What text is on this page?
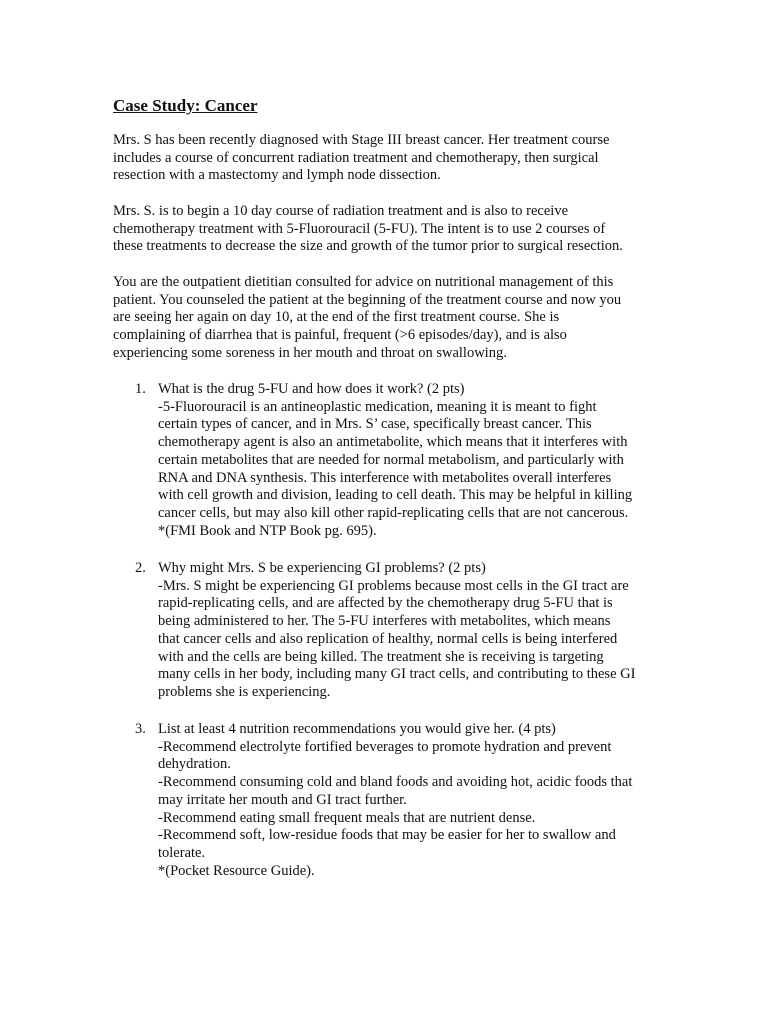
Case Study: Cancer

Mrs. S has been recently diagnosed with Stage III breast cancer. Her treatment course
includes a course of concurrent radiation treatment and chemotherapy, then surgical
resection with a mastectomy and lymph node dissection.

Mrs. S. is to begin a 10 day course of radiation treatment and is also to receive
chemotherapy treatment with 5-Fluorouracil (5-FU). The intent is to use 2 courses of
these treatments to decrease the size and growth of the tumor prior to surgical resection.

You are the outpatient dietitian consulted for advice on nutritional management of this
patient. You counseled the patient at the beginning of the treatment course and now you
are seeing her again on day 10, at the end of the first treatment course. She is
complaining of diarrhea that is painful, frequent (>6 episodes/day), and is also
experiencing some soreness in her mouth and throat on swallowing.

1. What is the drug 5-FU and how does it work? (2 pts)
-5-Fluorouracil is an antineoplastic medication, meaning it is meant to fight
certain types of cancer, and in Mrs. S’ case, specifically breast cancer. This
chemotherapy agent is also an antimetabolite, which means that it interferes with
certain metabolites that are needed for normal metabolism, and particularly with
RNA and DNA synthesis. This interference with metabolites overall interferes
with cell growth and division, leading to cell death. This may be helpful in killing
cancer cells, but may also kill other rapid-replicating cells that are not cancerous.
*(FMI Book and NTP Book pg. 695).
2. Why might Mrs. S be experiencing GI problems? (2 pts)
-Mrs. S might be experiencing GI problems because most cells in the GI tract are
rapid-replicating cells, and are affected by the chemotherapy drug 5-FU that is
being administered to her. The 5-FU interferes with metabolites, which means
that cancer cells and also replication of healthy, normal cells is being interfered
with and the cells are being killed. The treatment she is receiving is targeting
many cells in her body, including many GI tract cells, and contributing to these GI
problems she is experiencing.
3. List at least 4 nutrition recommendations you would give her. (4 pts)
-Recommend electrolyte fortified beverages to promote hydration and prevent
dehydration.
-Recommend consuming cold and bland foods and avoiding hot, acidic foods that
may irritate her mouth and GI tract further.
-Recommend eating small frequent meals that are nutrient dense.
-Recommend soft, low-residue foods that may be easier for her to swallow and
tolerate.
*(Pocket Resource Guide).
